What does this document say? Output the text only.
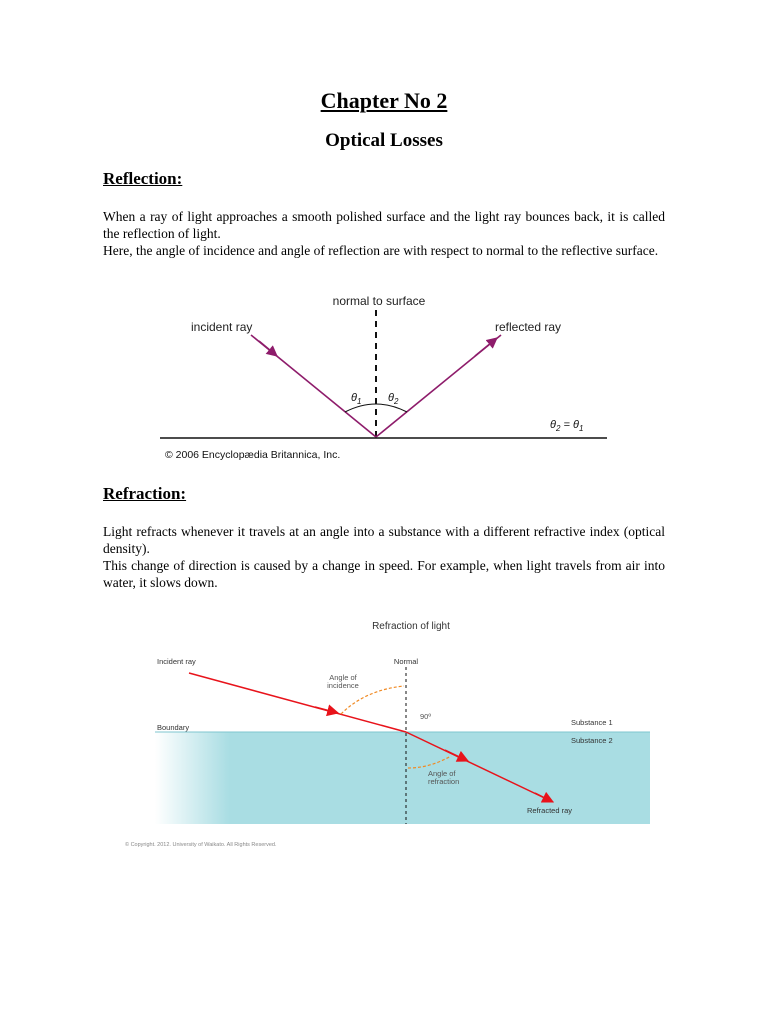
Chapter No 2
Optical Losses
Reflection:

When a ray of light approaches a smooth polished surface and the light ray bounces back, it is called the reflection of light.
Here, the angle of incidence and angle of reflection are with respect to normal to the reflective surface.

normal to surface
incident ray	reflected ray
$\theta_1$ $\theta_2$
$\theta_2 = \theta_1$
© 2006 Encyclopædia Britannica, Inc.
Refraction:

Light refracts whenever it travels at an angle into a substance with a different refractive index (optical density).
This change of direction is caused by a change in speed. For example, when light travels from air into water, it slows down.

Refraction of light
Normal
Incident ray
Boundary
Substance 1
Substance 2
Angle of incidence
90º
Angle of refraction
Refracted ray
© Copyright. 2012. University of Waikato. All Rights Reserved.
